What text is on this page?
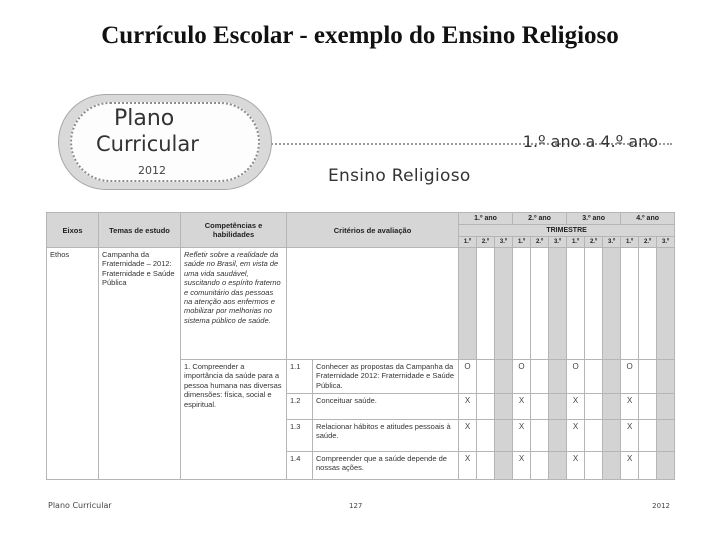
Currículo Escolar - exemplo do Ensino Religioso
Plano
Curricular
2012
1.º ano a 4.º ano
Ensino Religioso
Eixos	Temas de estudo	Competências e habilidades	Critérios de avaliação		1.º ano			2.º ano			3.º ano			4.º ano		
					TRIMESTRE											
					1.º	2.º	3.º	1.º	2.º	3.º	1.º	2.º	3.º	1.º	2.º	3.º
Ethos	Campanha da Fraternidade – 2012: Fraternidade e Saúde Pública	Refletir sobre a realidade da saúde no Brasil, em vista de uma vida saudável, suscitando o espírito fraterno e comunitário das pessoas na atenção aos enfermos e mobilizar por melhorias no sistema público de saúde.														
		1. Compreender a importância da saúde para a pessoa humana nas diversas dimensões: física, social e espiritual.	1.1	Conhecer as propostas da Campanha da Fraternidade 2012: Fraternidade e Saúde Pública.	O			O			O			O		
			1.2	Conceituar saúde.	X			X			X			X		
			1.3	Relacionar hábitos e atitudes pessoais à saúde.	X			X			X			X		
			1.4	Compreender que a saúde depende de nossas ações.	X			X			X			X		
Plano Curricular	127	2012
